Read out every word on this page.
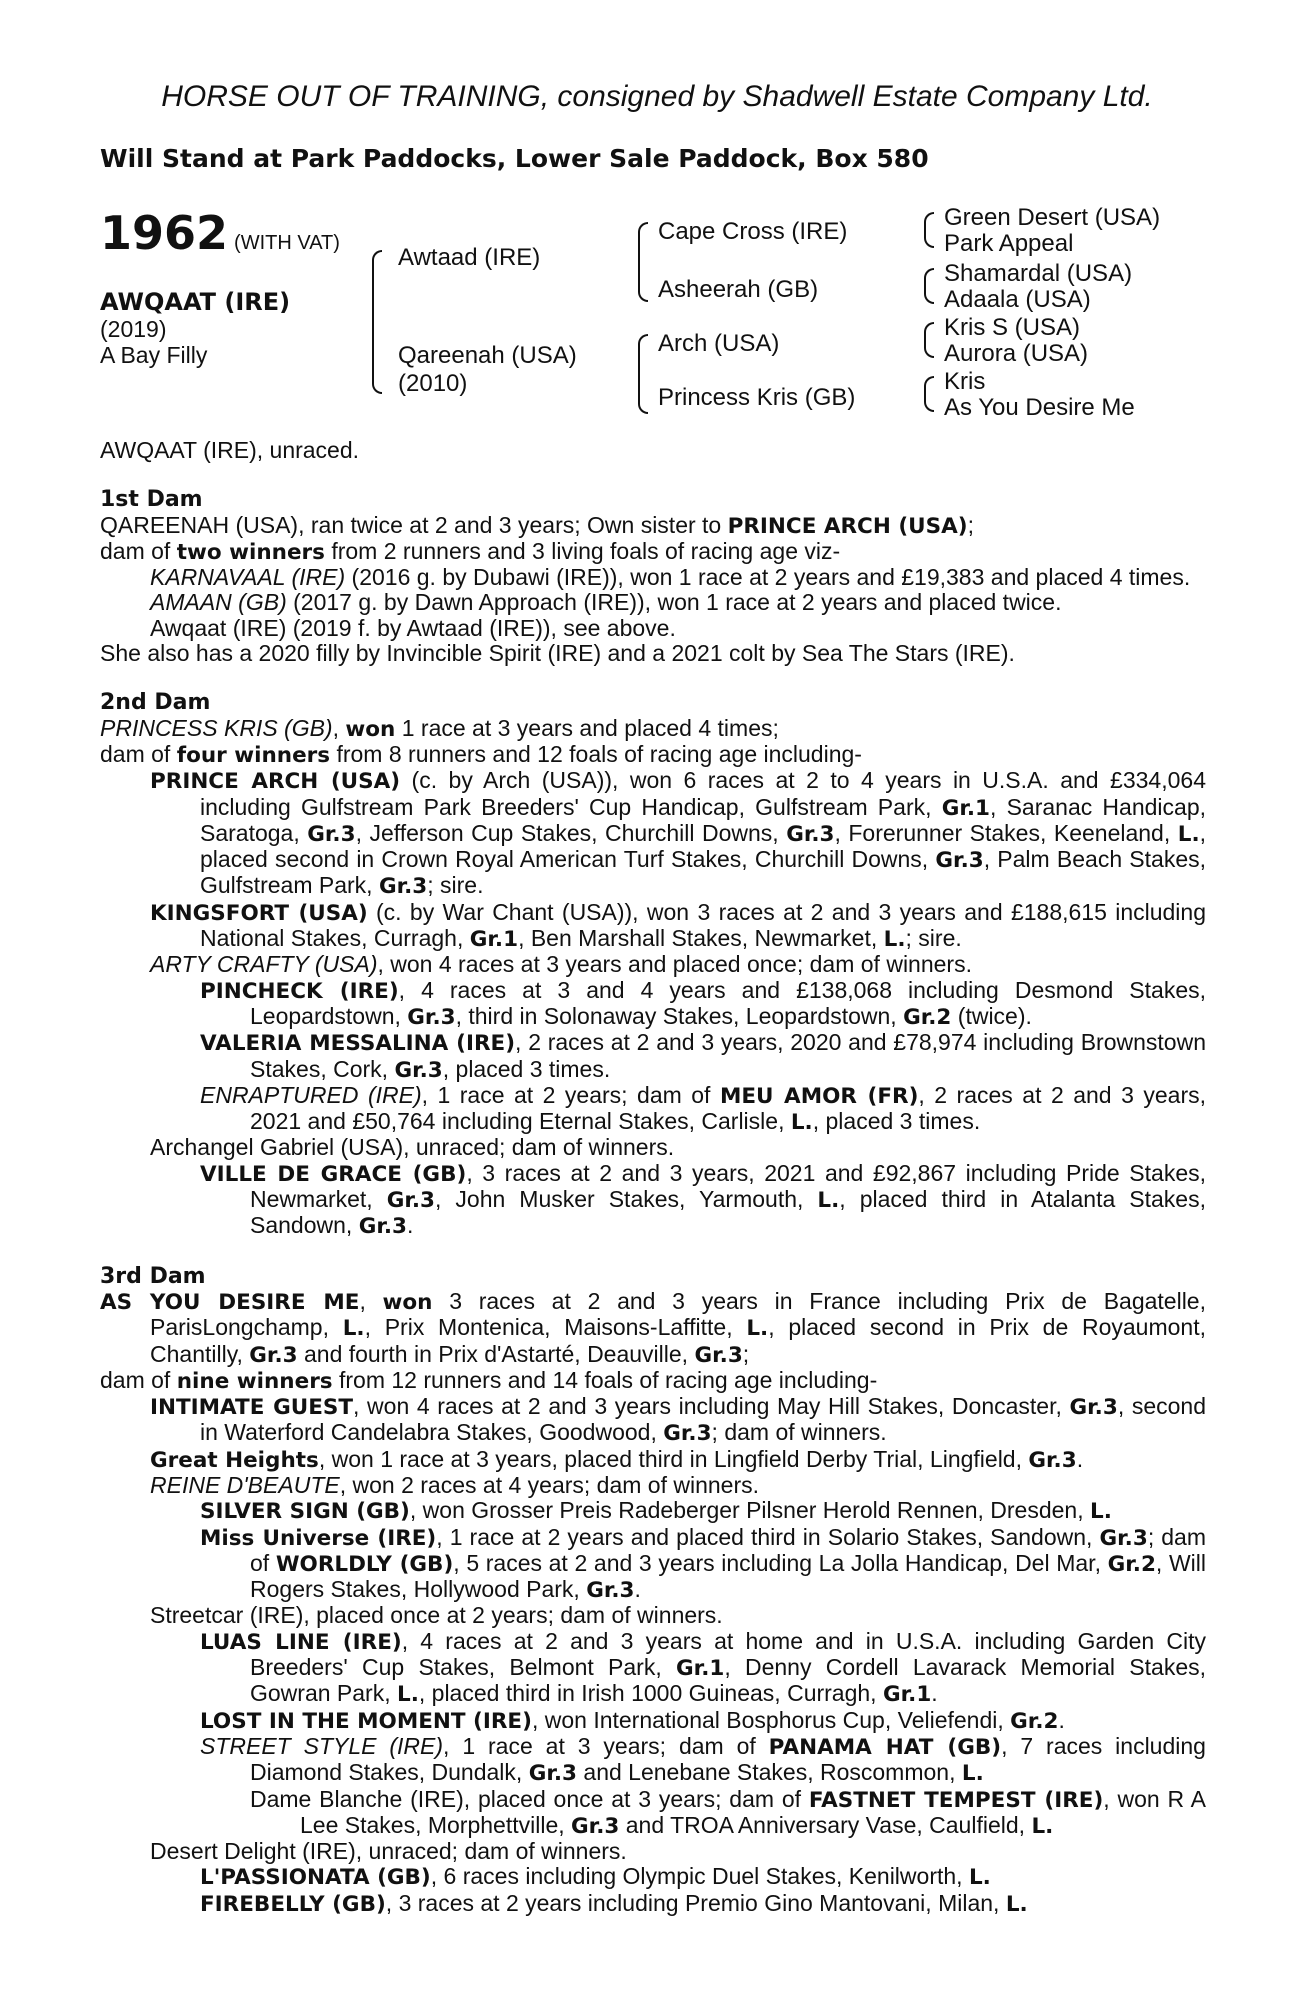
HORSE OUT OF TRAINING, consigned by Shadwell Estate Company Ltd.
Will Stand at Park Paddocks, Lower Sale Paddock, Box 580
1962 (WITH VAT)
AWQAAT (IRE)
(2019)
A Bay Filly
Awtaad (IRE)
Qareenah (USA)
(2010)
Cape Cross (IRE)
Asheerah (GB)
Arch (USA)
Princess Kris (GB)
Green Desert (USA)
Park Appeal
Shamardal (USA)
Adaala (USA)
Kris S (USA)
Aurora (USA)
Kris
As You Desire Me

AWQAAT (IRE), unraced.

1st Dam

QAREENAH (USA), ran twice at 2 and 3 years; Own sister to PRINCE ARCH (USA);

dam of two winners from 2 runners and 3 living foals of racing age viz-

KARNAVAAL (IRE) (2016 g. by Dubawi (IRE)), won 1 race at 2 years and £19,383 and placed 4 times.

AMAAN (GB) (2017 g. by Dawn Approach (IRE)), won 1 race at 2 years and placed twice.

Awqaat (IRE) (2019 f. by Awtaad (IRE)), see above.

She also has a 2020 filly by Invincible Spirit (IRE) and a 2021 colt by Sea The Stars (IRE).

2nd Dam

PRINCESS KRIS (GB), won 1 race at 3 years and placed 4 times;

dam of four winners from 8 runners and 12 foals of racing age including-

PRINCE ARCH (USA) (c. by Arch (USA)), won 6 races at 2 to 4 years in U.S.A. and £334,064 including Gulfstream Park Breeders' Cup Handicap, Gulfstream Park, Gr.1, Saranac Handicap, Saratoga, Gr.3, Jefferson Cup Stakes, Churchill Downs, Gr.3, Forerunner Stakes, Keeneland, L., placed second in Crown Royal American Turf Stakes, Churchill Downs, Gr.3, Palm Beach Stakes, Gulfstream Park, Gr.3; sire.

KINGSFORT (USA) (c. by War Chant (USA)), won 3 races at 2 and 3 years and £188,615 including National Stakes, Curragh, Gr.1, Ben Marshall Stakes, Newmarket, L.; sire.

ARTY CRAFTY (USA), won 4 races at 3 years and placed once; dam of winners.

PINCHECK (IRE), 4 races at 3 and 4 years and £138,068 including Desmond Stakes, Leopardstown, Gr.3, third in Solonaway Stakes, Leopardstown, Gr.2 (twice).

VALERIA MESSALINA (IRE), 2 races at 2 and 3 years, 2020 and £78,974 including Brownstown Stakes, Cork, Gr.3, placed 3 times.

ENRAPTURED (IRE), 1 race at 2 years; dam of MEU AMOR (FR), 2 races at 2 and 3 years, 2021 and £50,764 including Eternal Stakes, Carlisle, L., placed 3 times.

Archangel Gabriel (USA), unraced; dam of winners.

VILLE DE GRACE (GB), 3 races at 2 and 3 years, 2021 and £92,867 including Pride Stakes, Newmarket, Gr.3, John Musker Stakes, Yarmouth, L., placed third in Atalanta Stakes, Sandown, Gr.3.

3rd Dam

AS YOU DESIRE ME, won 3 races at 2 and 3 years in France including Prix de Bagatelle, ParisLongchamp, L., Prix Montenica, Maisons-Laffitte, L., placed second in Prix de Royaumont, Chantilly, Gr.3 and fourth in Prix d'Astarté, Deauville, Gr.3;

dam of nine winners from 12 runners and 14 foals of racing age including-

INTIMATE GUEST, won 4 races at 2 and 3 years including May Hill Stakes, Doncaster, Gr.3, second in Waterford Candelabra Stakes, Goodwood, Gr.3; dam of winners.

Great Heights, won 1 race at 3 years, placed third in Lingfield Derby Trial, Lingfield, Gr.3.

REINE D'BEAUTE, won 2 races at 4 years; dam of winners.

SILVER SIGN (GB), won Grosser Preis Radeberger Pilsner Herold Rennen, Dresden, L.

Miss Universe (IRE), 1 race at 2 years and placed third in Solario Stakes, Sandown, Gr.3; dam of WORLDLY (GB), 5 races at 2 and 3 years including La Jolla Handicap, Del Mar, Gr.2, Will Rogers Stakes, Hollywood Park, Gr.3.

Streetcar (IRE), placed once at 2 years; dam of winners.

LUAS LINE (IRE), 4 races at 2 and 3 years at home and in U.S.A. including Garden City Breeders' Cup Stakes, Belmont Park, Gr.1, Denny Cordell Lavarack Memorial Stakes, Gowran Park, L., placed third in Irish 1000 Guineas, Curragh, Gr.1.

LOST IN THE MOMENT (IRE), won International Bosphorus Cup, Veliefendi, Gr.2.

STREET STYLE (IRE), 1 race at 3 years; dam of PANAMA HAT (GB), 7 races including Diamond Stakes, Dundalk, Gr.3 and Lenebane Stakes, Roscommon, L.

Dame Blanche (IRE), placed once at 3 years; dam of FASTNET TEMPEST (IRE), won R A Lee Stakes, Morphettville, Gr.3 and TROA Anniversary Vase, Caulfield, L.

Desert Delight (IRE), unraced; dam of winners.

L'PASSIONATA (GB), 6 races including Olympic Duel Stakes, Kenilworth, L.

FIREBELLY (GB), 3 races at 2 years including Premio Gino Mantovani, Milan, L.
